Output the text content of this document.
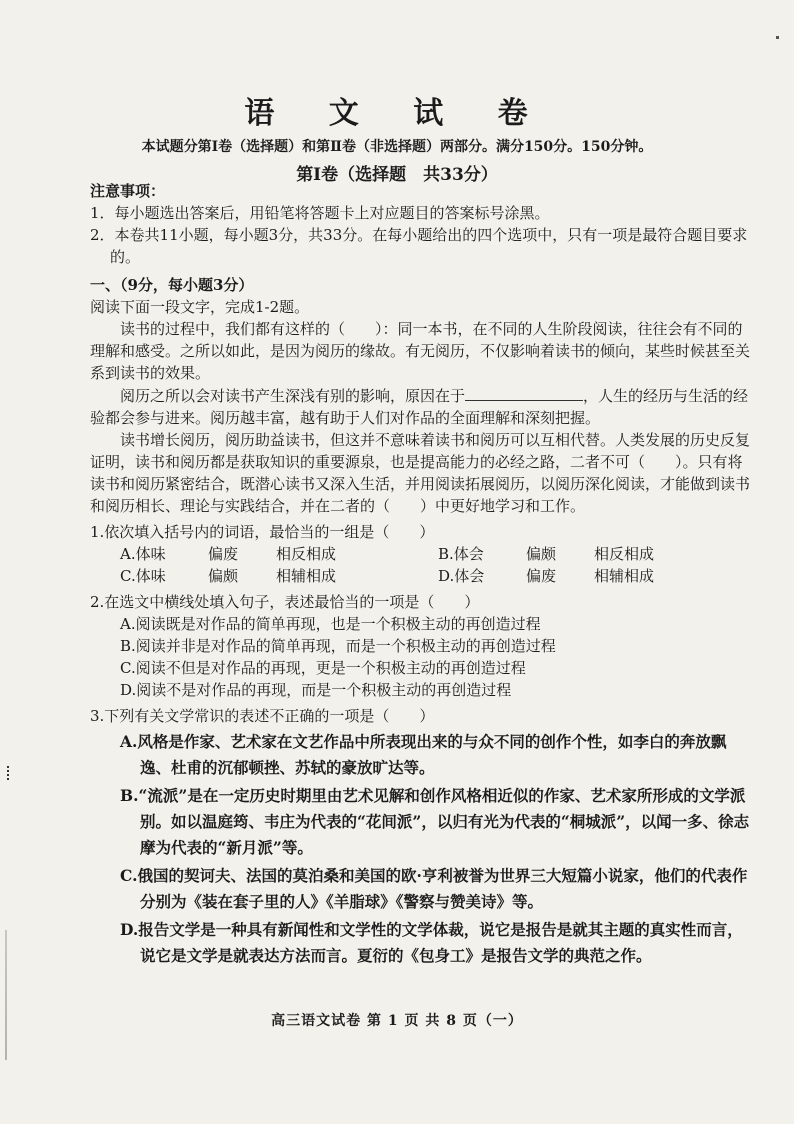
语 文 试 卷
本试题分第Ⅰ卷（选择题）和第Ⅱ卷（非选择题）两部分。满分150分。150分钟。
第Ⅰ卷（选择题　共33分）

注意事项：

1．每小题选出答案后，用铅笔将答题卡上对应题目的答案标号涂黑。

2．本卷共11小题，每小题3分，共33分。在每小题给出的四个选项中，只有一项是最符合题目要求的。

一、（9分，每小题3分）

阅读下面一段文字，完成1-2题。

读书的过程中，我们都有这样的（　　）：同一本书，在不同的人生阶段阅读，往往会有不同的理解和感受。之所以如此，是因为阅历的缘故。有无阅历，不仅影响着读书的倾向，某些时候甚至关系到读书的效果。

阅历之所以会对读书产生深浅有别的影响，原因在于	，人生的经历与生活的经验都会参与进来。阅历越丰富，越有助于人们对作品的全面理解和深刻把握。

读书增长阅历，阅历助益读书，但这并不意味着读书和阅历可以互相代替。人类发展的历史反复证明，读书和阅历都是获取知识的重要源泉，也是提高能力的必经之路，二者不可（　　）。只有将读书和阅历紧密结合，既潜心读书又深入生活，并用阅读拓展阅历，以阅历深化阅读，才能做到读书和阅历相长、理论与实践结合，并在二者的（　　）中更好地学习和工作。

1.依次填入括号内的词语，最恰当的一组是（　　）

A.体味	偏废	相反相成	B.体会	偏颇	相反相成
C.体味	偏颇	相辅相成	D.体会	偏废	相辅相成

2.在选文中横线处填入句子，表述最恰当的一项是（　　）

A.阅读既是对作品的简单再现，也是一个积极主动的再创造过程

B.阅读并非是对作品的简单再现，而是一个积极主动的再创造过程

C.阅读不但是对作品的再现，更是一个积极主动的再创造过程

D.阅读不是对作品的再现，而是一个积极主动的再创造过程

3.下列有关文学常识的表述不正确的一项是（　　）

A.风格是作家、艺术家在文艺作品中所表现出来的与众不同的创作个性，如李白的奔放飘逸、杜甫的沉郁顿挫、苏轼的豪放旷达等。

B.“流派”是在一定历史时期里由艺术见解和创作风格相近似的作家、艺术家所形成的文学派别。如以温庭筠、韦庄为代表的“花间派”，以归有光为代表的“桐城派”，以闻一多、徐志摩为代表的“新月派”等。

C.俄国的契诃夫、法国的莫泊桑和美国的欧·亨利被誉为世界三大短篇小说家，他们的代表作分别为《装在套子里的人》《羊脂球》《警察与赞美诗》等。

D.报告文学是一种具有新闻性和文学性的文学体裁，说它是报告是就其主题的真实性而言，说它是文学是就表达方法而言。夏衍的《包身工》是报告文学的典范之作。

高三语文试卷 第 1 页 共 8 页（一）
